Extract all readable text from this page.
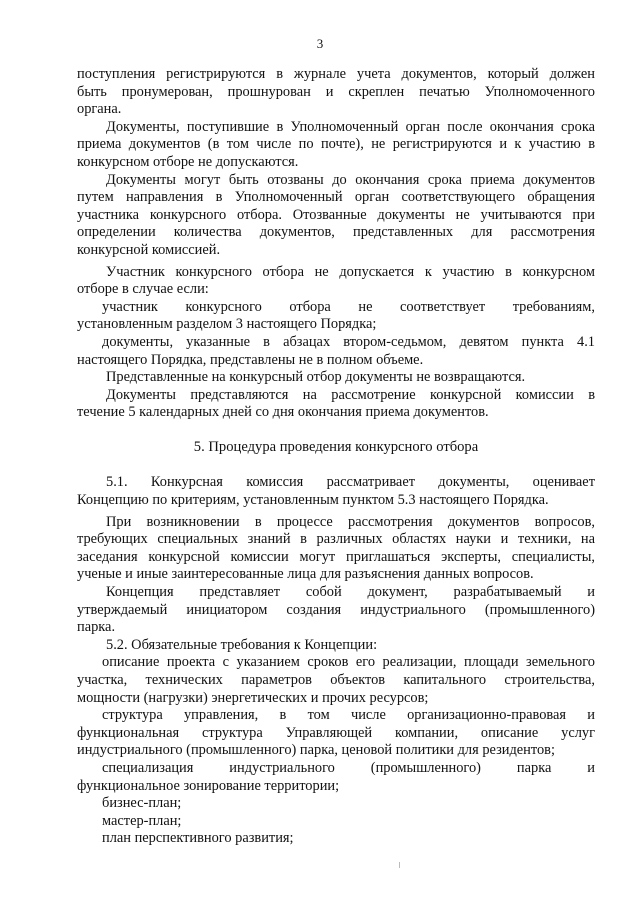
3

поступления регистрируются в журнале учета документов, который должен

быть пронумерован, прошнурован и скреплен печатью Уполномоченного

органа.

Документы, поступившие в Уполномоченный орган после окончания срока

приема документов (в том числе по почте), не регистрируются и к участию в

конкурсном отборе не допускаются.

Документы могут быть отозваны до окончания срока приема документов

путем направления в Уполномоченный орган соответствующего обращения

участника конкурсного отбора. Отозванные документы не учитываются при

определении количества документов, представленных для рассмотрения

конкурсной комиссией.

Участник конкурсного отбора не допускается к участию в конкурсном

отборе в случае если:

участник конкурсного отбора не соответствует требованиям,

установленным разделом 3 настоящего Порядка;

документы, указанные в абзацах втором-седьмом, девятом пункта 4.1

настоящего Порядка, представлены не в полном объеме.

Представленные на конкурсный отбор документы не возвращаются.

Документы представляются на рассмотрение конкурсной комиссии в

течение 5 календарных дней со дня окончания приема документов.

5. Процедура проведения конкурсного отбора

5.1. Конкурсная комиссия рассматривает документы, оценивает

Концепцию по критериям, установленным пунктом 5.3 настоящего Порядка.

При возникновении в процессе рассмотрения документов вопросов,

требующих специальных знаний в различных областях науки и техники, на

заседания конкурсной комиссии могут приглашаться эксперты, специалисты,

ученые и иные заинтересованные лица для разъяснения данных вопросов.

Концепция представляет собой документ, разрабатываемый и

утверждаемый инициатором создания индустриального (промышленного)

парка.

5.2. Обязательные требования к Концепции:

описание проекта с указанием сроков его реализации, площади земельного

участка, технических параметров объектов капитального строительства,

мощности (нагрузки) энергетических и прочих ресурсов;

структура управления, в том числе организационно-правовая и

функциональная структура Управляющей компании, описание услуг

индустриального (промышленного) парка, ценовой политики для резидентов;

специализация индустриального (промышленного) парка и

функциональное зонирование территории;

бизнес-план;

мастер-план;

план перспективного развития;
